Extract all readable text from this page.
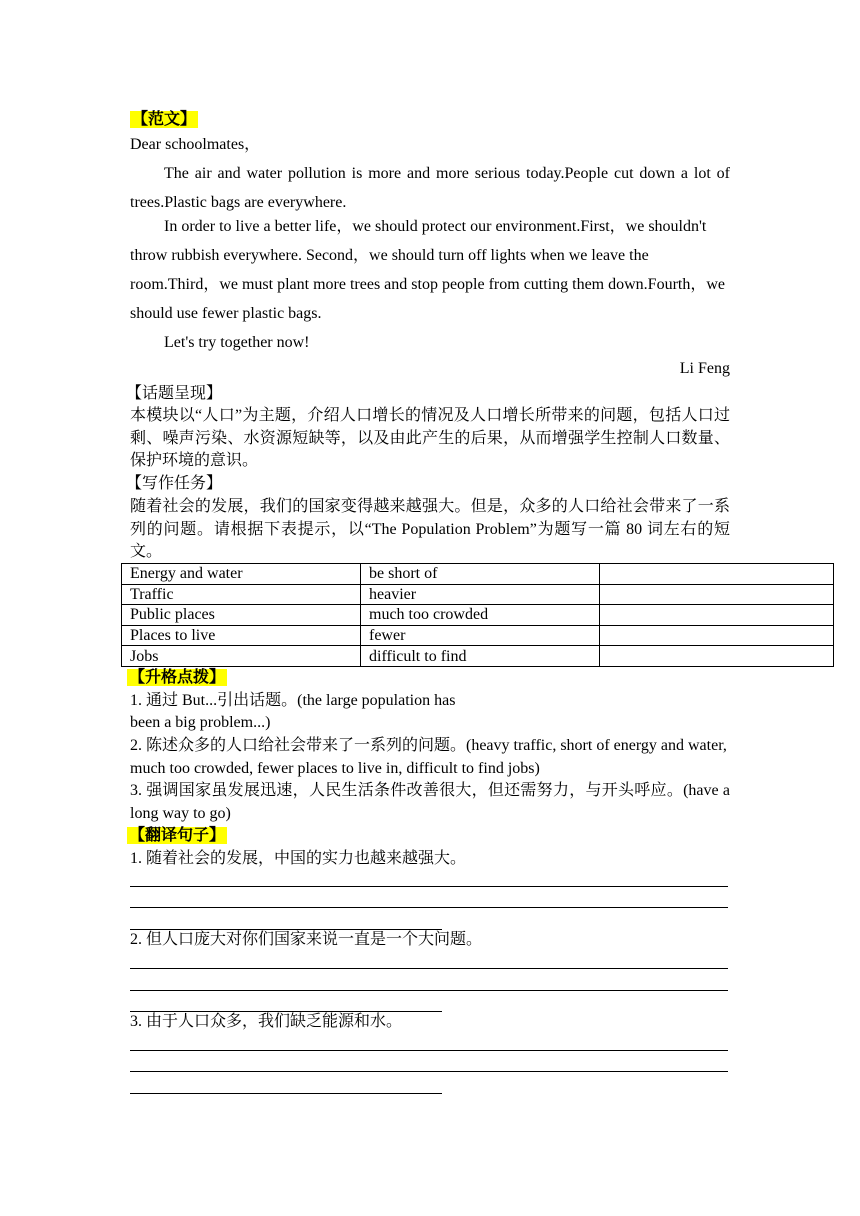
【范文】
Dear schoolmates，
The air and water pollution is more and more serious today.People cut down a lot of trees.Plastic bags are everywhere.
In order to live a better life，we should protect our environment.First，we shouldn't throw rubbish everywhere. Second，we should turn off lights when we leave the room.Third，we must plant more trees and stop people from cutting them down.Fourth，we should use fewer plastic bags.
Let's try together now!
Li Feng
【话题呈现】
本模块以“人口”为主题，介绍人口增长的情况及人口增长所带来的问题，包括人口过剩、噪声污染、水资源短缺等，以及由此产生的后果，从而增强学生控制人口数量、保护环境的意识。
【写作任务】
随着社会的发展，我们的国家变得越来越强大。但是，众多的人口给社会带来了一系列的问题。请根据下表提示，以“The Population Problem”为题写一篇 80 词左右的短文。
Energy and water	be short of	
Traffic	heavier	
Public places	much too crowded	
Places to live	fewer	
Jobs	difficult to find	
【升格点拨】
1. 通过 But...引出话题。(the large population has
been a big problem...)
2. 陈述众多的人口给社会带来了一系列的问题。(heavy traffic, short of energy and water, much too crowded, fewer places to live in, difficult to find jobs)
3. 强调国家虽发展迅速，人民生活条件改善很大，但还需努力，与开头呼应。(have a long way to go)
【翻译句子】
1. 随着社会的发展，中国的实力也越来越强大。
2. 但人口庞大对你们国家来说一直是一个大问题。
3. 由于人口众多，我们缺乏能源和水。
